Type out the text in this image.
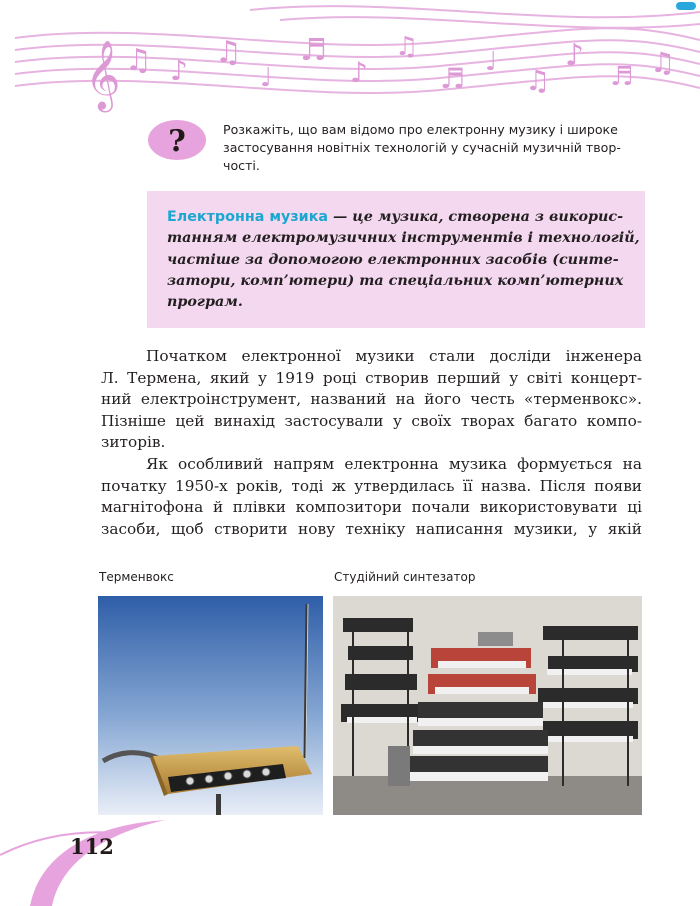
𝄞 ♫ ♪
♫
♩
♬
♪
♫
♬ ♩
♫
♪
♬ ♫
?	Розкажіть, що вам відомо про електронну музику і широке
застосування новітніх технологій у сучасній музичній твор-
чості.
Електронна музика — це музика, створена з викорис-
танням електромузичних інструментів і технологій,
частіше за допомогою електронних засобів (синте-
затори, комп’ютери) та спеціальних комп’ютерних
програм.
Початком електронної музики стали досліди інженера
Л. Термена, який у 1919 році створив перший у світі концерт-
ний електроінструмент, названий на його честь «терменвокс».
Пізніше цей винахід застосували у своїх творах багато компо-
зиторів.
Як особливий напрям електронна музика формується на
початку 1950-х років, тоді ж утвердилась її назва. Після появи
магнітофона й плівки композитори почали використовувати ці
засоби, щоб створити нову техніку написання музики, у якій
Терменвокс	Студійний синтезатор
112
